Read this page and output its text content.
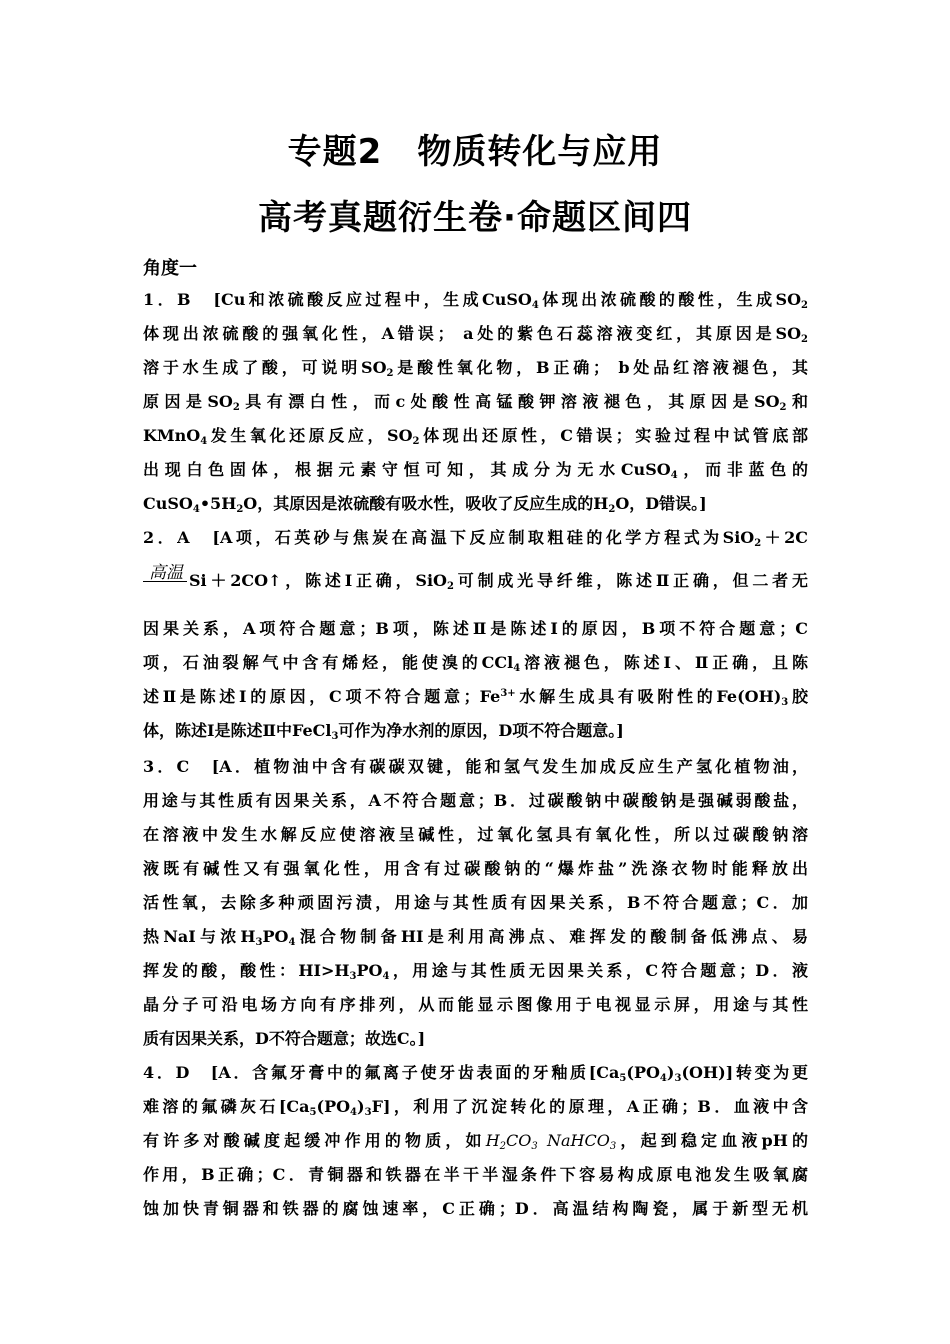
专题2　物质转化与应用
高考真题衍生卷·命题区间四
角度一
1．B　[Cu和浓硫酸反应过程中，生成CuSO$_4$体现出浓硫酸的酸性，生成$SO_2$
体现出浓硫酸的强氧化性，A错误； a处的紫色石蕊溶液变红，其原因是$SO_2$
溶于水生成了酸，可说明$SO_2$是酸性氧化物，B正确； b处品红溶液褪色，其
原因是$SO_2$具有漂白性，而c处酸性高锰酸钾溶液褪色，其原因是$SO_2$和
KMnO$_4$发生氧化还原反应，$SO_2$体现出还原性，C错误；实验过程中试管底部
出现白色固体，根据元素守恒可知，其成分为无水CuSO$_4$，而非蓝色的
$CuSO_4•5H_2O$，其原因是浓硫酸有吸水性，吸收了反应生成的$H_2O$，D错误。]
2．A　[A项，石英砂与焦炭在高温下反应制取粗硅的化学方程式为SiO$_2$＋2C
高温 Si＋2CO↑，陈述Ⅰ正确，SiO$_2$可制成光导纤维，陈述Ⅱ正确，但二者无
因果关系，A项符合题意；B项，陈述Ⅱ是陈述Ⅰ的原因，B项不符合题意；C
项，石油裂解气中含有烯烃，能使溴的CCl$_4$溶液褪色，陈述Ⅰ、Ⅱ正确，且陈
述Ⅱ是陈述Ⅰ的原因，C项不符合题意；$Fe^{3+}$水解生成具有吸附性的$Fe(OH)_3$胶
体，陈述Ⅰ是陈述Ⅱ中FeCl$_3$可作为净水剂的原因，D项不符合题意。]
3．C　[A．植物油中含有碳碳双键，能和氢气发生加成反应生产氢化植物油，
用途与其性质有因果关系，A不符合题意；B．过碳酸钠中碳酸钠是强碱弱酸盐，
在溶液中发生水解反应使溶液呈碱性，过氧化氢具有氧化性，所以过碳酸钠溶
液既有碱性又有强氧化性，用含有过碳酸钠的“爆炸盐”洗涤衣物时能释放出
活性氧，去除多种顽固污渍，用途与其性质有因果关系，B不符合题意；C．加
热NaI与浓$H_3PO_4$混合物制备HI是利用高沸点、难挥发的酸制备低沸点、易
挥发的酸，酸性：$HI>H_3PO_4$，用途与其性质无因果关系，C符合题意；D．液
晶分子可沿电场方向有序排列，从而能显示图像用于电视显示屏，用途与其性
质有因果关系，D不符合题意；故选C。]
4．D　[A．含氟牙膏中的氟离子使牙齿表面的牙釉质$[Ca_5(PO_4)_3(OH)]$转变为更
难溶的氟磷灰石$[Ca_5(PO_4)_3F]$，利用了沉淀转化的原理，A正确；B．血液中含
有许多对酸碱度起缓冲作用的物质，如$H_2CO_3$ NaHCO$_3$，起到稳定血液pH的
作用，B正确；C．青铜器和铁器在半干半湿条件下容易构成原电池发生吸氧腐
蚀加快青铜器和铁器的腐蚀速率，C正确；D．高温结构陶瓷，属于新型无机
